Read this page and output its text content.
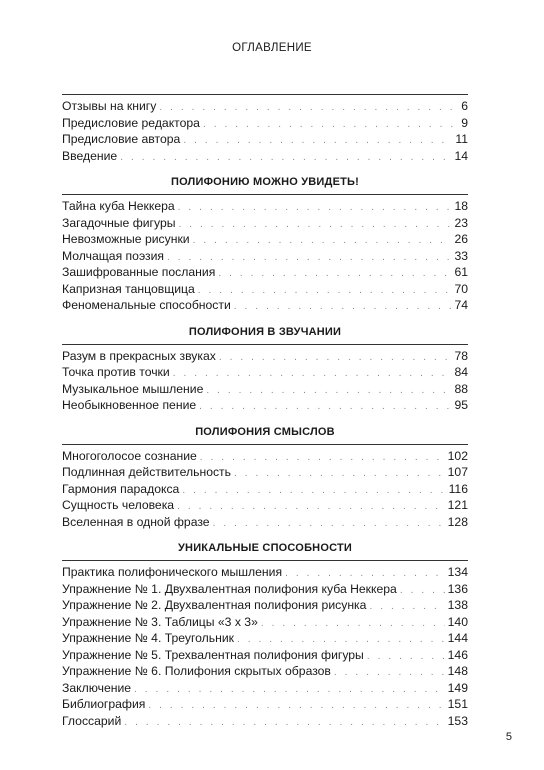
ОГЛАВЛЕНИЕ
Отзывы на книгу . . .	6
Предисловие редактора . . .	9
Предисловие автора . . .	11
Введение . . .	14
ПОЛИФОНИЮ МОЖНО УВИДЕТЬ!
Тайна куба Неккера . . .	18
Загадочные фигуры . . .	23
Невозможные рисунки . . .	26
Молчащая поэзия . . .	33
Зашифрованные послания . . .	61
Капризная танцовщица . . .	70
Феноменальные способности . . .	74
ПОЛИФОНИЯ В ЗВУЧАНИИ
Разум в прекрасных звуках . . .	78
Точка против точки . . .	84
Музыкальное мышление . . .	88
Необыкновенное пение . . .	95
ПОЛИФОНИЯ СМЫСЛОВ
Многоголосое сознание . . .	102
Подлинная действительность . . .	107
Гармония парадокса . . .	116
Сущность человека . . .	121
Вселенная в одной фразе . . .	128
УНИКАЛЬНЫЕ СПОСОБНОСТИ
Практика полифонического мышления . . .	134
Упражнение № 1. Двухвалентная полифония куба Неккера . . .	136
Упражнение № 2. Двухвалентная полифония рисунка . . .	138
Упражнение № 3. Таблицы «3 х 3» . . .	140
Упражнение № 4. Треугольник . . .	144
Упражнение № 5. Трехвалентная полифония фигуры . . .	146
Упражнение № 6. Полифония скрытых образов . . .	148
Заключение . . .	149
Библиография . . .	151
Глоссарий . . .	153
5
